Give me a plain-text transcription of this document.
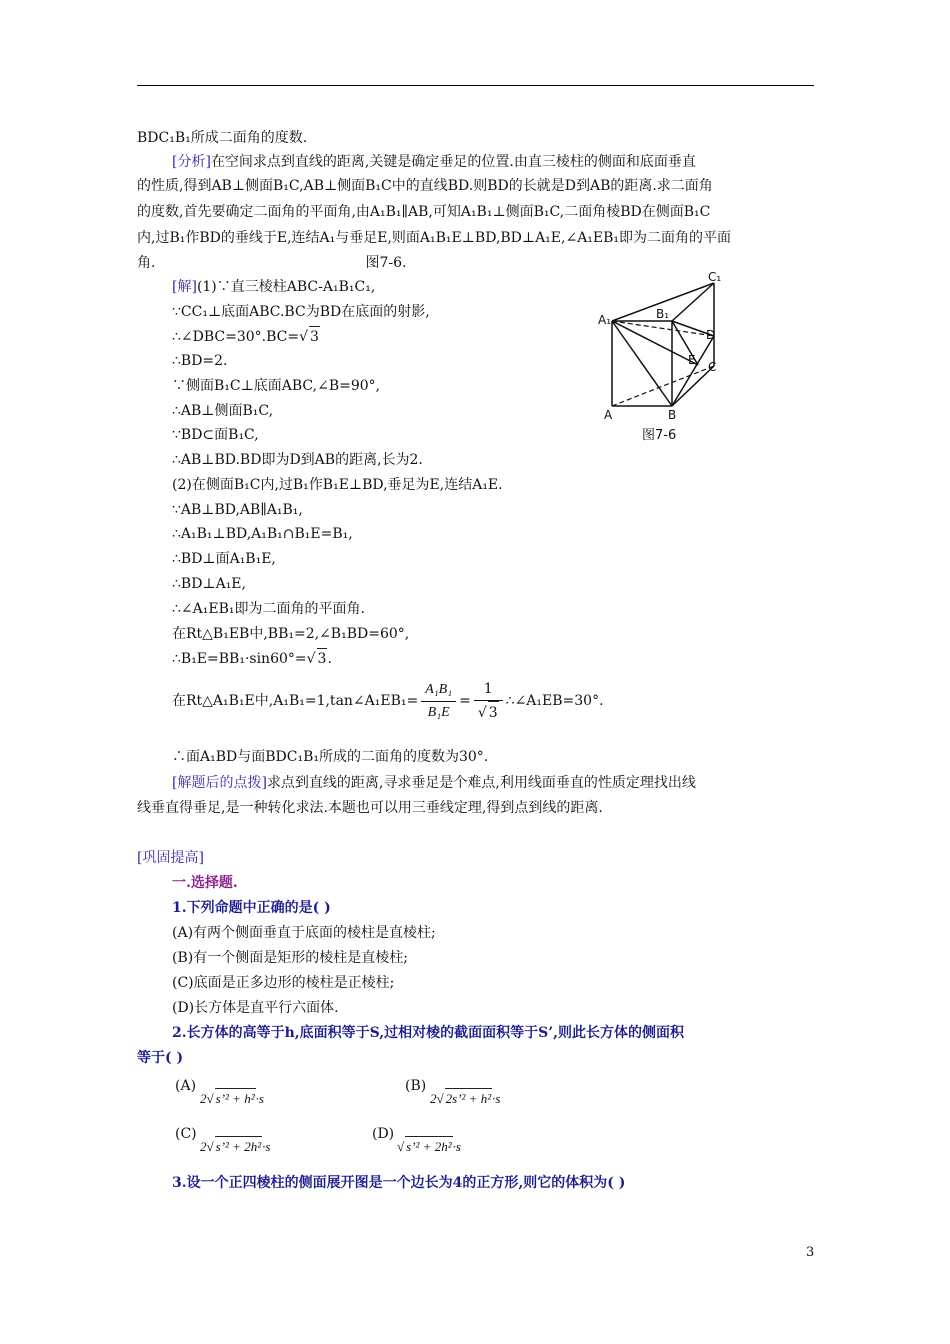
BDC₁B₁所成二面角的度数.
[分析]在空间求点到直线的距离,关键是确定垂足的位置.由直三棱柱的侧面和底面垂直
的性质,得到AB⊥侧面B₁C,AB⊥侧面B₁C中的直线BD.则BD的长就是D到AB的距离.求二面角
的度数,首先要确定二面角的平面角,由A₁B₁∥AB,可知A₁B₁⊥侧面B₁C,二面角棱BD在侧面B₁C
内,过B₁作BD的垂线于E,连结A₁与垂足E,则面A₁B₁E⊥BD,BD⊥A₁E,∠A₁EB₁即为二面角的平面
角.	图7-6.
[解](1)∵直三棱柱ABC-A₁B₁C₁,
∵CC₁⊥底面ABC.BC为BD在底面的射影,
∴∠DBC=30°.BC=√ 3
∴BD=2.
∵侧面B₁C⊥底面ABC,∠B=90°,
∴AB⊥侧面B₁C,
∵BD⊂面B₁C,
∴AB⊥BD.BD即为D到AB的距离,长为2.
(2)在侧面B₁C内,过B₁作B₁E⊥BD,垂足为E,连结A₁E.
∵AB⊥BD,AB∥A₁B₁,
∴A₁B₁⊥BD,A₁B₁∩B₁E=B₁,
∴BD⊥面A₁B₁E,
∴BD⊥A₁E,
∴∠A₁EB₁即为二面角的平面角.
在Rt△B₁EB中,BB₁=2,∠B₁BD=60°,
∴B₁E=BB₁·sin60°=√ 3.
在Rt△A₁B₁E中,A₁B₁=1,tan∠A₁EB₁= $\frac{\text{A₁B₁}}{\text{B₁E}} = \frac{1}{√ 3}$ ∴∠A₁EB=30°.
∴面A₁BD与面BDC₁B₁所成的二面角的度数为30°.
[解题后的点拨]求点到直线的距离,寻求垂足是个难点,利用线面垂直的性质定理找出线
线垂直得垂足,是一种转化求法.本题也可以用三垂线定理,得到点到线的距离.
[巩固提高]
一.选择题.
1.下列命题中正确的是( )
(A)有两个侧面垂直于底面的棱柱是直棱柱;
(B)有一个侧面是矩形的棱柱是直棱柱;
(C)底面是正多边形的棱柱是正棱柱;
(D)长方体是直平行六面体.
2.长方体的高等于h,底面积等于S,过相对棱的截面面积等于S’,则此长方体的侧面积
等于( )
(A)
2√ s’² + h²·s
(B)
2√ 2s’² + h²·s
(C)
2√ s’² + 2h²·s
(D)
√ s’² + 2h²·s
3.设一个正四棱柱的侧面展开图是一个边长为4的正方形,则它的体积为( )
A₁	B₁
C₁
D
E C
A	B
图7-6
3
